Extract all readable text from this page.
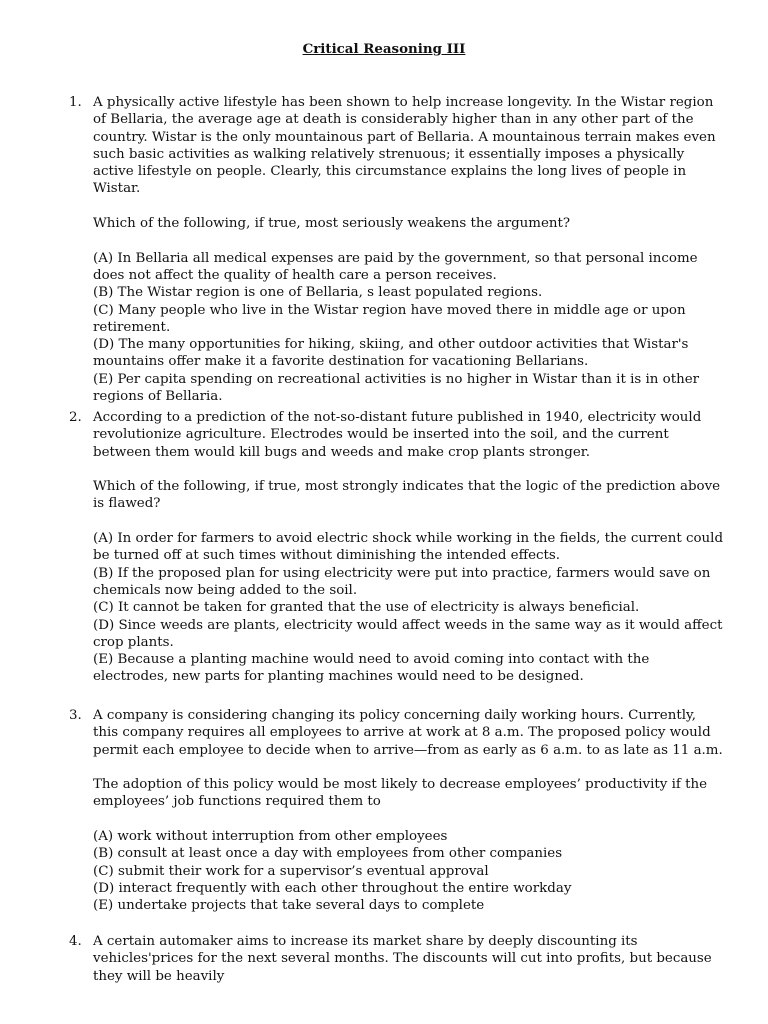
Critical Reasoning III
1. A physically active lifestyle has been shown to help increase longevity. In the Wistar region of Bellaria, the average age at death is considerably higher than in any other part of the country. Wistar is the only mountainous part of Bellaria. A mountainous terrain makes even such basic activities as walking relatively strenuous; it essentially imposes a physically active lifestyle on people. Clearly, this circumstance explains the long lives of people in Wistar.

Which of the following, if true, most seriously weakens the argument?

(A) In Bellaria all medical expenses are paid by the government, so that personal income does not affect the quality of health care a person receives.

(B) The Wistar region is one of Bellaria, s least populated regions.

(C) Many people who live in the Wistar region have moved there in middle age or upon retirement.

(D) The many opportunities for hiking, skiing, and other outdoor activities that Wistar's mountains offer make it a favorite destination for vacationing Bellarians.

(E) Per capita spending on recreational activities is no higher in Wistar than it is in other regions of Bellaria.

2. According to a prediction of the not-so-distant future published in 1940, electricity would revolutionize agriculture. Electrodes would be inserted into the soil, and the current between them would kill bugs and weeds and make crop plants stronger.

Which of the following, if true, most strongly indicates that the logic of the prediction above is flawed?

(A) In order for farmers to avoid electric shock while working in the fields, the current could be turned off at such times without diminishing the intended effects.

(B) If the proposed plan for using electricity were put into practice, farmers would save on chemicals now being added to the soil.

(C) It cannot be taken for granted that the use of electricity is always beneficial.

(D) Since weeds are plants, electricity would affect weeds in the same way as it would affect crop plants.

(E) Because a planting machine would need to avoid coming into contact with the electrodes, new parts for planting machines would need to be designed.

3. A company is considering changing its policy concerning daily working hours. Currently, this company requires all employees to arrive at work at 8 a.m. The proposed policy would permit each employee to decide when to arrive—from as early as 6 a.m. to as late as 11 a.m.

The adoption of this policy would be most likely to decrease employees’ productivity if the employees’ job functions required them to

(A) work without interruption from other employees

(B) consult at least once a day with employees from other companies

(C) submit their work for a supervisor’s eventual approval

(D) interact frequently with each other throughout the entire workday

(E) undertake projects that take several days to complete

4. A certain automaker aims to increase its market share by deeply discounting its vehicles'prices for the next several months. The discounts will cut into profits, but because they will be heavily
